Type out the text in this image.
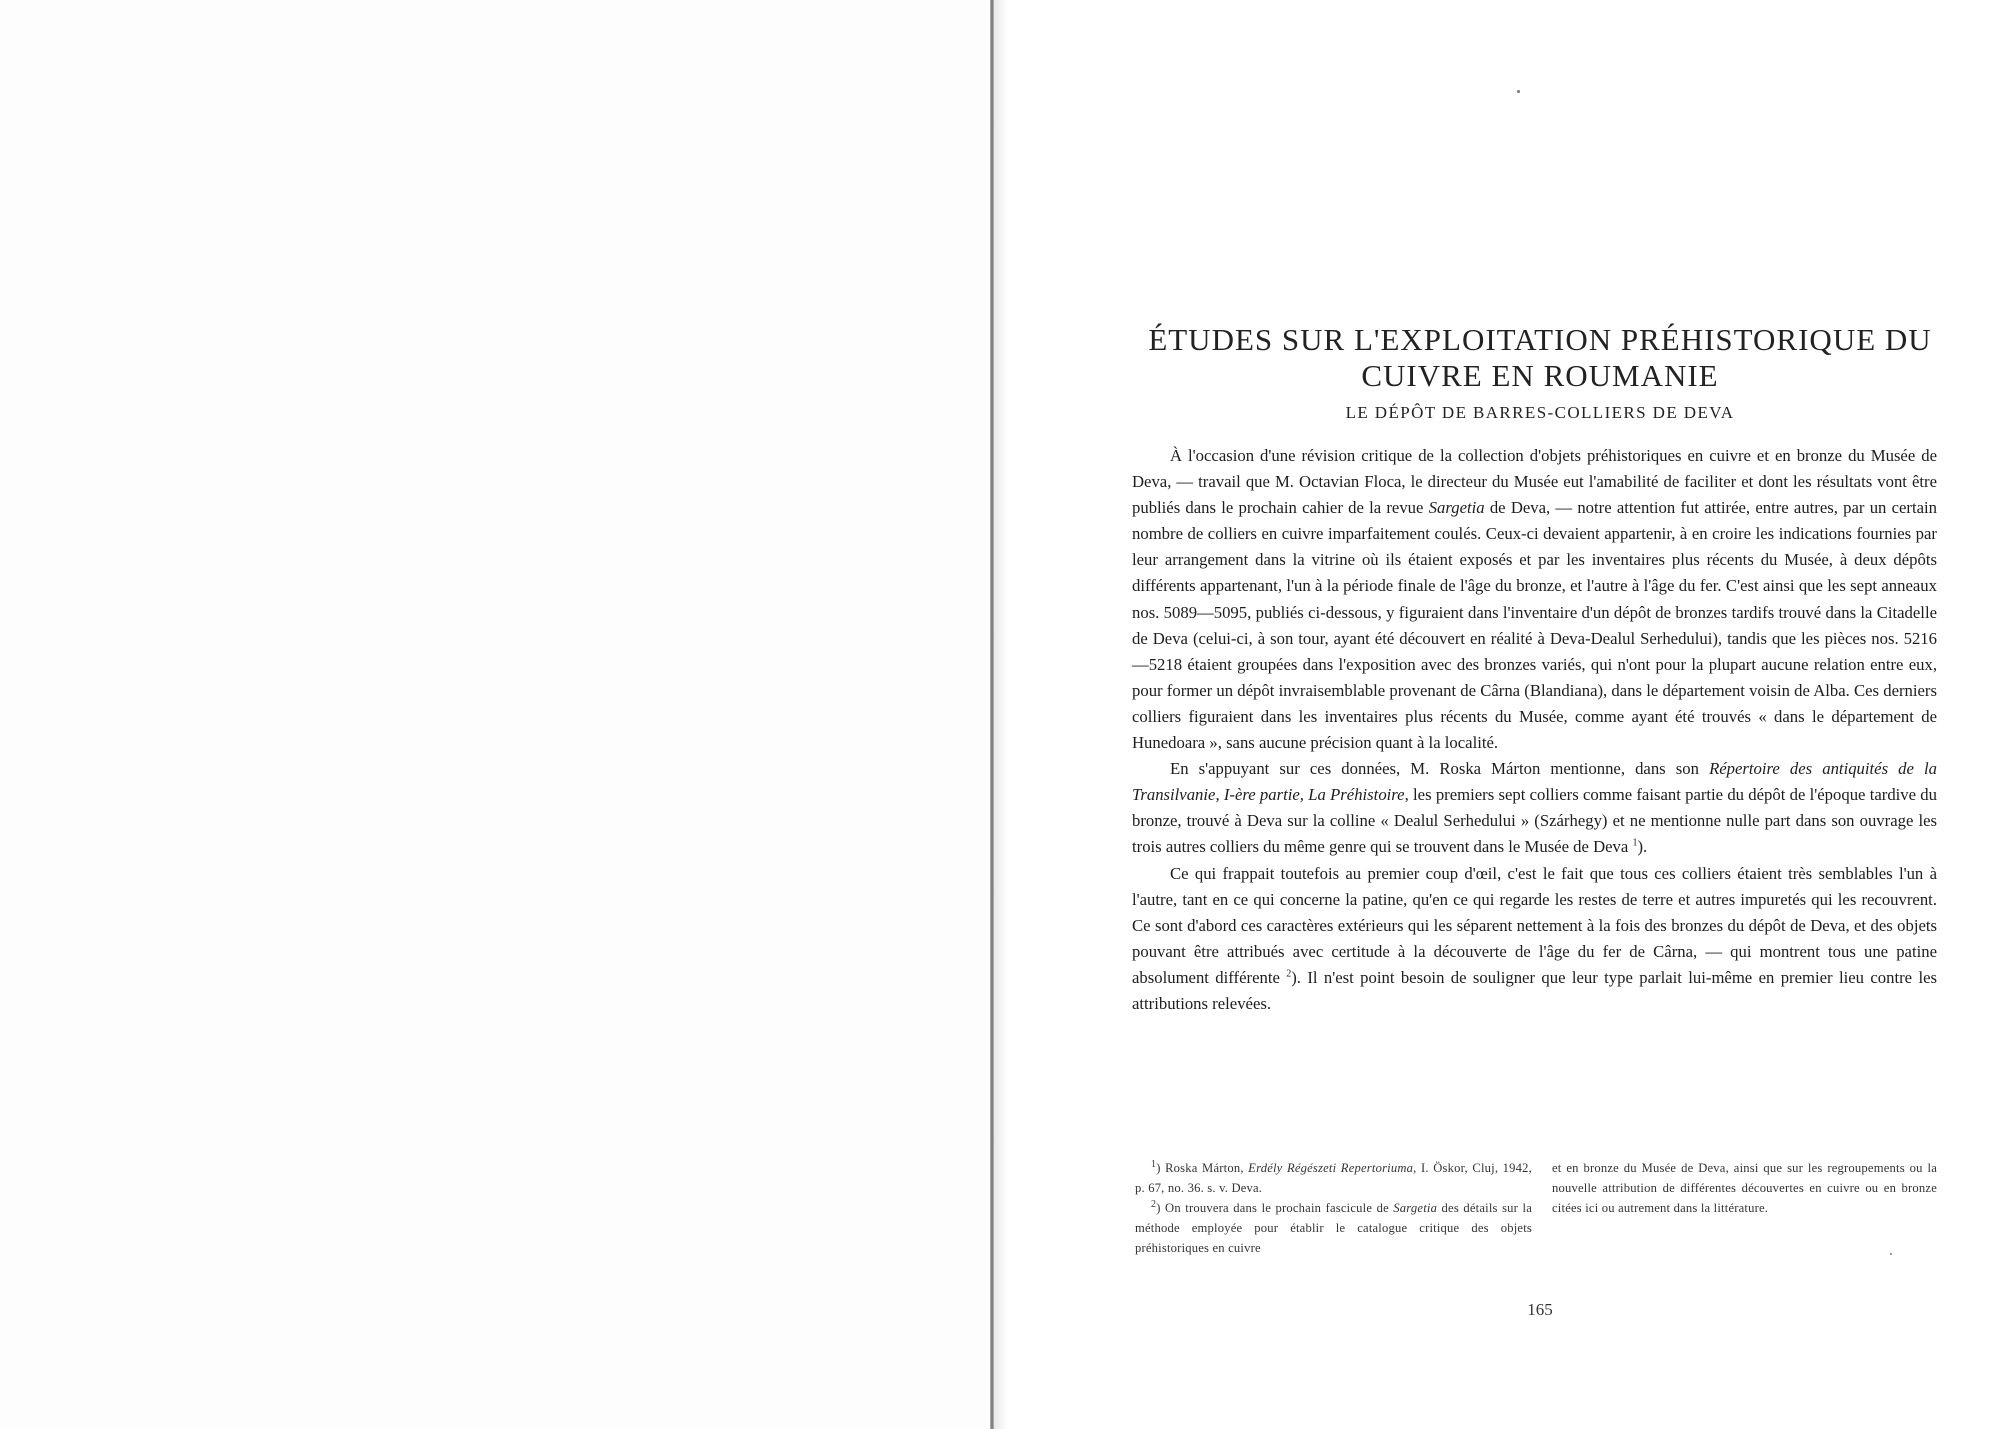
ÉTUDES SUR L'EXPLOITATION PRÉHISTORIQUE DU CUIVRE EN ROUMANIE
LE DÉPÔT DE BARRES-COLLIERS DE DEVA

À l'occasion d'une révision critique de la collection d'objets préhistoriques en cuivre et en bronze du Musée de Deva, — travail que M. Octavian Floca, le directeur du Musée eut l'amabilité de faciliter et dont les résultats vont être publiés dans le prochain cahier de la revue Sargetia de Deva, — notre attention fut attirée, entre autres, par un certain nombre de colliers en cuivre imparfaitement coulés. Ceux-ci devaient appartenir, à en croire les indications fournies par leur arrangement dans la vitrine où ils étaient exposés et par les inventaires plus récents du Musée, à deux dépôts différents appartenant, l'un à la période finale de l'âge du bronze, et l'autre à l'âge du fer. C'est ainsi que les sept anneaux nos. 5089—5095, publiés ci-dessous, y figuraient dans l'inventaire d'un dépôt de bronzes tardifs trouvé dans la Citadelle de Deva (celui-ci, à son tour, ayant été découvert en réalité à Deva-Dealul Serhedului), tandis que les pièces nos. 5216—5218 étaient groupées dans l'exposition avec des bronzes variés, qui n'ont pour la plupart aucune relation entre eux, pour former un dépôt invraisemblable provenant de Cârna (Blandiana), dans le département voisin de Alba. Ces derniers colliers figuraient dans les inventaires plus récents du Musée, comme ayant été trouvés « dans le département de Hunedoara », sans aucune précision quant à la localité.

En s'appuyant sur ces données, M. Roska Márton mentionne, dans son Répertoire des antiquités de la Transilvanie, I-ère partie, La Préhistoire, les premiers sept colliers comme faisant partie du dépôt de l'époque tardive du bronze, trouvé à Deva sur la colline « Dealul Serhedului » (Szárhegy) et ne mentionne nulle part dans son ouvrage les trois autres colliers du même genre qui se trouvent dans le Musée de Deva $^1$).

Ce qui frappait toutefois au premier coup d'œil, c'est le fait que tous ces colliers étaient très semblables l'un à l'autre, tant en ce qui concerne la patine, qu'en ce qui regarde les restes de terre et autres impuretés qui les recouvrent. Ce sont d'abord ces caractères extérieurs qui les séparent nettement à la fois des bronzes du dépôt de Deva, et des objets pouvant être attribués avec certitude à la découverte de l'âge du fer de Cârna, — qui montrent tous une patine absolument différente $^2$). Il n'est point besoin de souligner que leur type parlait lui-même en premier lieu contre les attributions relevées.

$^1$) Roska Márton, Erdély Régészeti Repertoriuma, I. Öskor, Cluj, 1942, p. 67, no. 36. s. v. Deva.

$^2$) On trouvera dans le prochain fascicule de Sargetia des détails sur la méthode employée pour établir le catalogue critique des objets préhistoriques en cuivre

et en bronze du Musée de Deva, ainsi que sur les regroupements ou la nouvelle attribution de différentes découvertes en cuivre ou en bronze citées ici ou autrement dans la littérature.

165
